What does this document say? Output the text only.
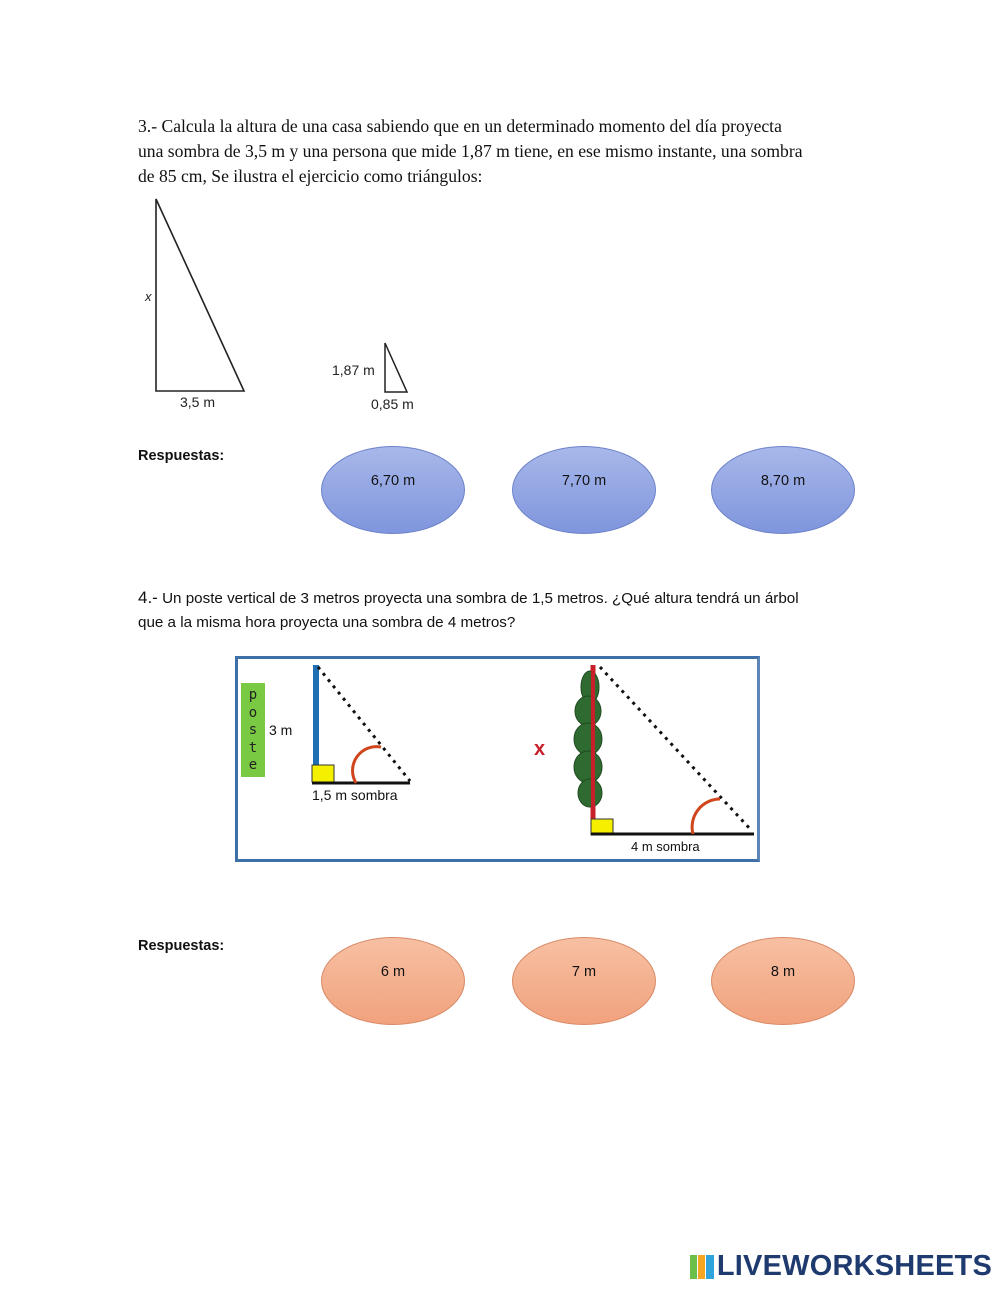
3.- Calcula la altura de una casa sabiendo que en un determinado momento del día proyecta
una sombra de 3,5 m y una persona que mide 1,87 m tiene, en ese mismo instante, una sombra
de 85 cm, Se ilustra el ejercicio como triángulos:
x
3,5 m
1,87 m
0,85 m
Respuestas:
6,70 m	7,70 m	8,70 m
4.- Un poste vertical de 3 metros proyecta una sombra de 1,5 metros. ¿Qué altura tendrá un árbol
que a la misma hora proyecta una sombra de 4 metros?
x
p
o
s
t
e
3 m
1,5 m sombra
4 m sombra
Respuestas:
6 m	7 m	8 m
LIVEWORKSHEETS
